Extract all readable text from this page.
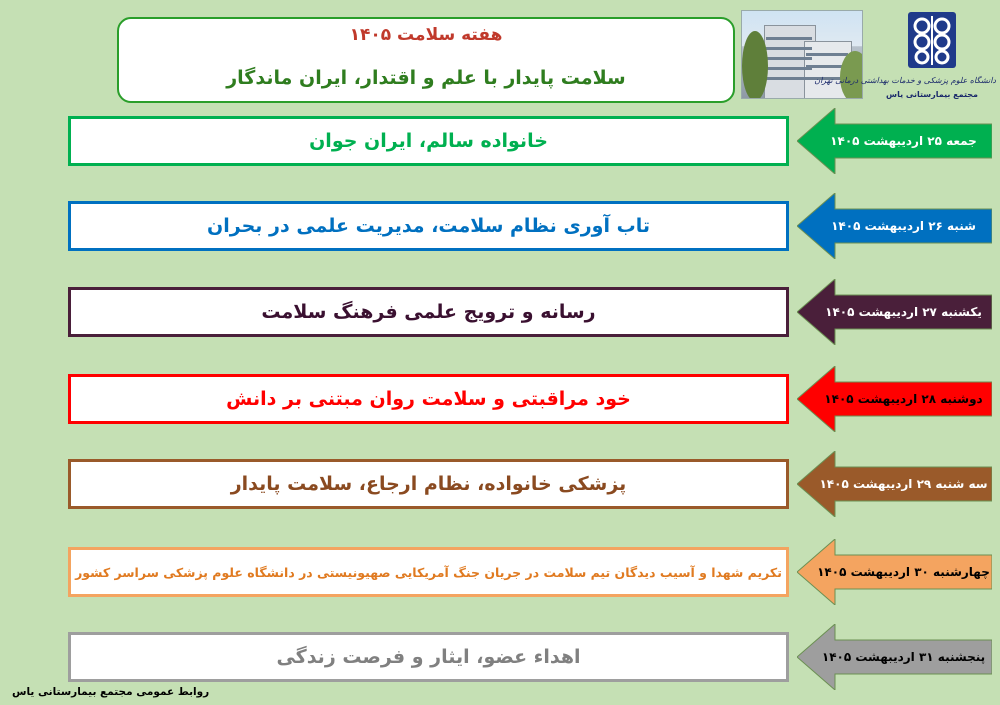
هفته سلامت ۱۴۰۵
سلامت پایدار با علم و اقتدار، ایران ماندگار	دانشگاه علوم پزشکی و خدمات بهداشتی درمانی تهران
مجتمع بیمارستانی یاس
خانواده سالم، ایران جوان	جمعه ۲۵ اردیبهشت ۱۴۰۵
تاب آوری نظام سلامت، مدیریت علمی در بحران	شنبه ۲۶ اردیبهشت ۱۴۰۵
رسانه و ترویج علمی فرهنگ سلامت	یکشنبه ۲۷ اردیبهشت ۱۴۰۵
خود مراقبتی و سلامت روان مبتنی بر دانش	دوشنبه ۲۸ اردیبهشت ۱۴۰۵
پزشکی خانواده، نظام ارجاع، سلامت پایدار	سه شنبه ۲۹ اردیبهشت ۱۴۰۵
تکریم شهدا و آسیب دیدگان تیم سلامت در جریان جنگ آمریکایی صهیونیستی در دانشگاه علوم پزشکی سراسر کشور	چهارشنبه ۳۰ اردیبهشت ۱۴۰۵
اهداء عضو، ایثار و فرصت زندگی	پنجشنبه ۳۱ اردیبهشت ۱۴۰۵
روابط عمومی مجتمع بیمارستانی یاس
